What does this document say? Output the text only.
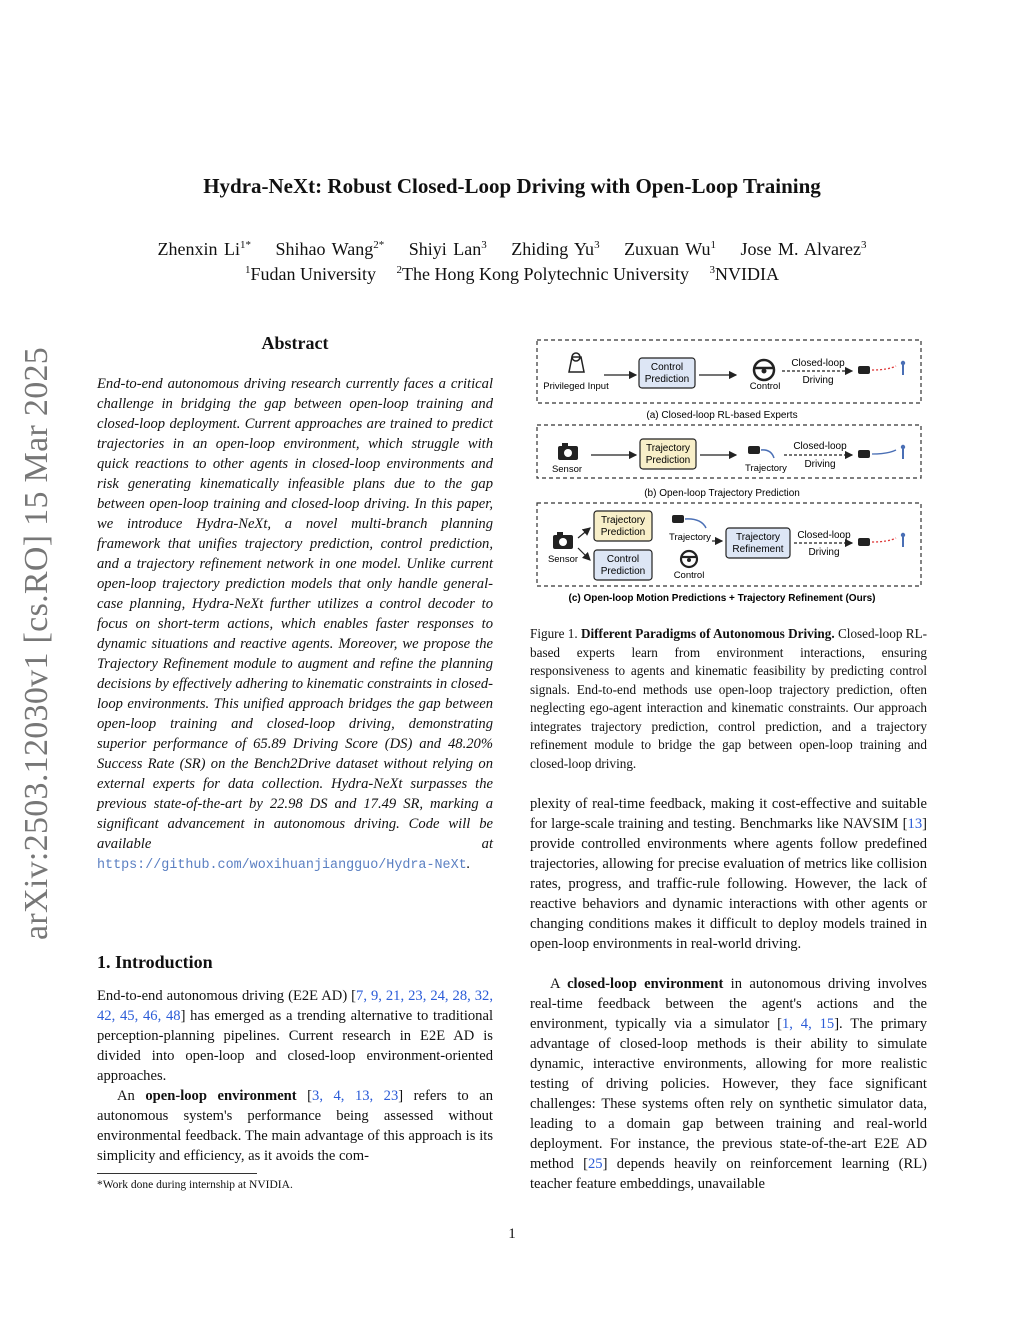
arXiv:2503.12030v1 [cs.RO] 15 Mar 2025
Hydra-NeXt: Robust Closed-Loop Driving with Open-Loop Training
Zhenxin $Li^{1*}$ Shihao Wang$^{2*}$ Shiyi Lan$^3$ Zhiding Yu$^3$ Zuxuan Wu$^1$ Jose M. Alvarez$^3$
$^1$Fudan University $^2$The Hong Kong Polytechnic University $^3$NVIDIA
Abstract
End-to-end autonomous driving research currently faces a critical challenge in bridging the gap between open-loop training and closed-loop deployment. Current approaches are trained to predict trajectories in an open-loop environment, which struggle with quick reactions to other agents in closed-loop environments and risk generating kinematically infeasible plans due to the gap between open-loop training and closed-loop driving. In this paper, we introduce Hydra-NeXt, a novel multi-branch planning framework that unifies trajectory prediction, control prediction, and a trajectory refinement network in one model. Unlike current open-loop trajectory prediction models that only handle general-case planning, Hydra-NeXt further utilizes a control decoder to focus on short-term actions, which enables faster responses to dynamic situations and reactive agents. Moreover, we propose the Trajectory Refinement module to augment and refine the planning decisions by effectively adhering to kinematic constraints in closed-loop environments. This unified approach bridges the gap between open-loop training and closed-loop driving, demonstrating superior performance of 65.89 Driving Score (DS) and 48.20% Success Rate (SR) on the Bench2Drive dataset without relying on external experts for data collection. Hydra-NeXt surpasses the previous state-of-the-art by 22.98 DS and 17.49 SR, marking a significant advancement in autonomous driving. Code will be available at https://github.com/woxihuanjiangguo/Hydra-NeXt.
1. Introduction
End-to-end autonomous driving (E2E AD) [7, 9, 21, 23, 24, 28, 32, 42, 45, 46, 48] has emerged as a trending alternative to traditional perception-planning pipelines. Current research in E2E AD is divided into open-loop and closed-loop environment-oriented approaches.
An open-loop environment [3, 4, 13, 23] refers to an autonomous system's performance being assessed without environmental feedback. The main advantage of this approach is its simplicity and efficiency, as it avoids the com-
*Work done during internship at NVIDIA.
Privileged Input
Control
Prediction
Control
Closed-loop
Driving
(a) Closed-loop RL-based Experts
Sensor
Trajectory
Prediction
Trajectory
Closed-loop
Driving
(b) Open-loop Trajectory Prediction
Sensor
Trajectory
Prediction
Control
Prediction
Trajectory
Control
Trajectory
Refinement
Closed-loop
Driving
(c) Open-loop Motion Predictions + Trajectory Refinement (Ours)
Figure 1. Different Paradigms of Autonomous Driving. Closed-loop RL-based experts learn from environment interactions, ensuring responsiveness to agents and kinematic feasibility by predicting control signals. End-to-end methods use open-loop trajectory prediction, often neglecting ego-agent interaction and kinematic constraints. Our approach integrates trajectory prediction, control prediction, and a trajectory refinement module to bridge the gap between open-loop training and closed-loop driving.
plexity of real-time feedback, making it cost-effective and suitable for large-scale training and testing. Benchmarks like NAVSIM [13] provide controlled environments where agents follow predefined trajectories, allowing for precise evaluation of metrics like collision rates, progress, and traffic-rule following. However, the lack of reactive behaviors and dynamic interactions with other agents or changing conditions makes it difficult to deploy models trained in open-loop environments in real-world driving.
A closed-loop environment in autonomous driving involves real-time feedback between the agent's actions and the environment, typically via a simulator [1, 4, 15]. The primary advantage of closed-loop methods is their ability to simulate dynamic, interactive environments, allowing for more realistic testing of driving policies. However, they face significant challenges: These systems often rely on synthetic simulator data, leading to a domain gap between training and real-world deployment. For instance, the previous state-of-the-art E2E AD method [25] depends heavily on reinforcement learning (RL) teacher feature embeddings, unavailable
1
